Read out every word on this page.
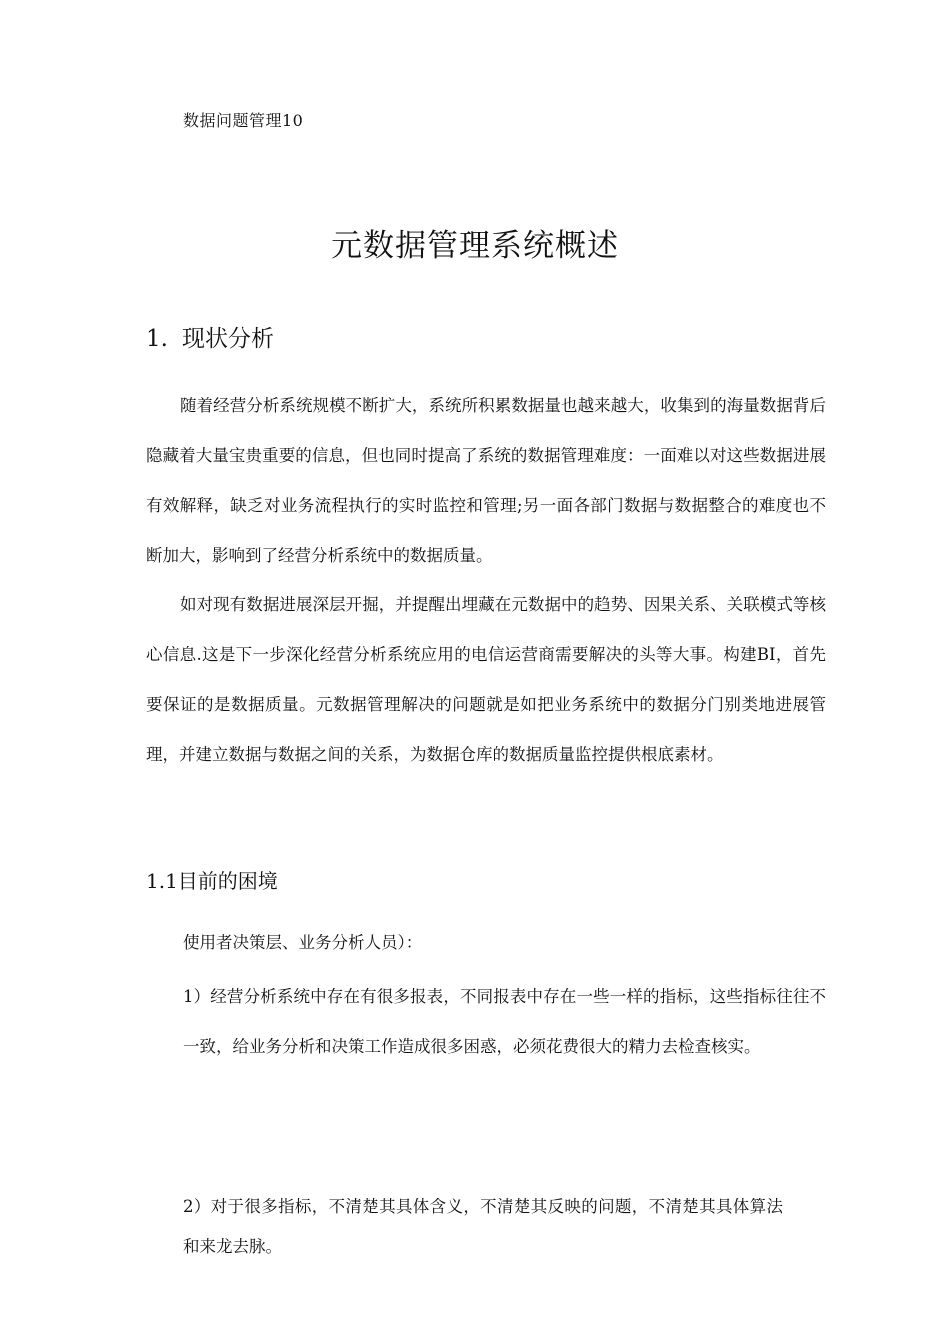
数据问题管理10
元数据管理系统概述
1. 现状分析

随着经营分析系统规模不断扩大，系统所积累数据量也越来越大，收集到的海量数据背后隐藏着大量宝贵重要的信息，但也同时提高了系统的数据管理难度：一面难以对这些数据进展有效解释，缺乏对业务流程执行的实时监控和管理;另一面各部门数据与数据整合的难度也不断加大，影响到了经营分析系统中的数据质量。

如对现有数据进展深层开掘，并提醒出埋藏在元数据中的趋势、因果关系、关联模式等核心信息.这是下一步深化经营分析系统应用的电信运营商需要解决的头等大事。构建BI，首先要保证的是数据质量。元数据管理解决的问题就是如把业务系统中的数据分门别类地进展管理，并建立数据与数据之间的关系，为数据仓库的数据质量监控提供根底素材。

1.1目前的困境
使用者决策层、业务分析人员）：

1）经营分析系统中存在有很多报表，不同报表中存在一些一样的指标，这些指标往往不一致，给业务分析和决策工作造成很多困惑，必须花费很大的精力去检查核实。

2）对于很多指标，不清楚其具体含义，不清楚其反映的问题，不清楚其具体算法和来龙去脉。
